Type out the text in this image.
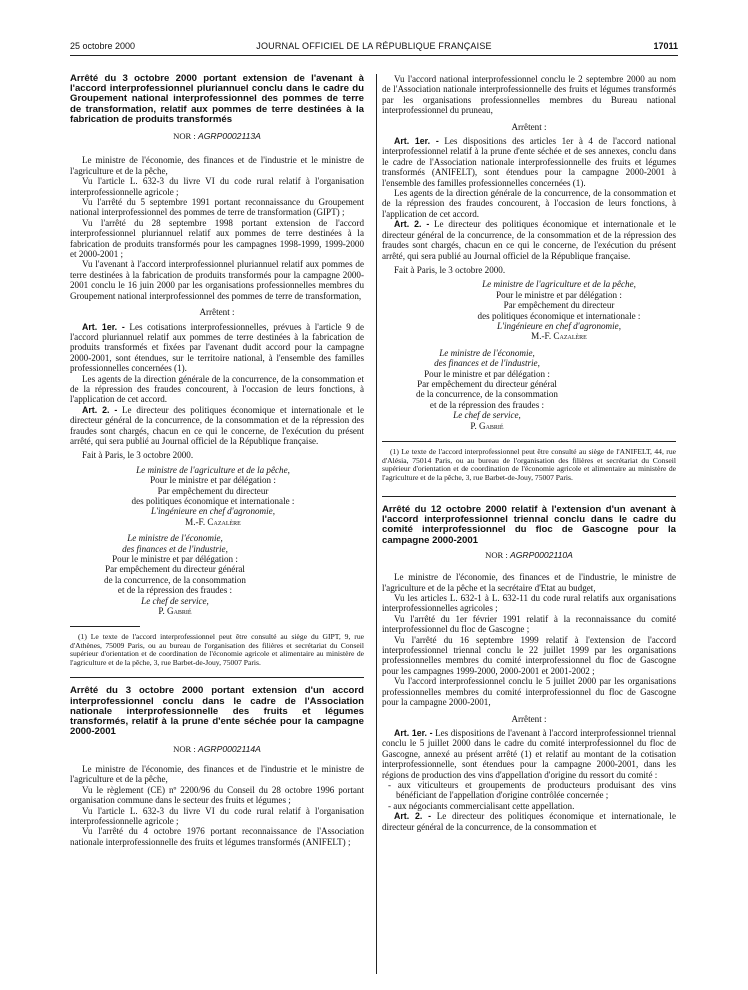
25 octobre 2000	JOURNAL OFFICIEL DE LA RÉPUBLIQUE FRANÇAISE	17011

Arrêté du 3 octobre 2000 portant extension de l'avenant à l'accord interprofessionnel pluriannuel conclu dans le cadre du Groupement national interprofessionnel des pommes de terre de transformation, relatif aux pommes de terre destinées à la fabrication de produits transformés

NOR : AGRP0002113A

Le ministre de l'économie, des finances et de l'industrie et le ministre de l'agriculture et de la pêche,

Vu l'article L. 632-3 du livre VI du code rural relatif à l'organisation interprofessionnelle agricole ;

Vu l'arrêté du 5 septembre 1991 portant reconnaissance du Groupement national interprofessionnel des pommes de terre de transformation (GIPT) ;

Vu l'arrêté du 28 septembre 1998 portant extension de l'accord interprofessionnel pluriannuel relatif aux pommes de terre destinées à la fabrication de produits transformés pour les campagnes 1998-1999, 1999-2000 et 2000-2001 ;

Vu l'avenant à l'accord interprofessionnel pluriannuel relatif aux pommes de terre destinées à la fabrication de produits transformés pour la campagne 2000-2001 conclu le 16 juin 2000 par les organisations professionnelles membres du Groupement national interprofessionnel des pommes de terre de transformation,

Arrêtent :

Art. 1er. - Les cotisations interprofessionnelles, prévues à l'article 9 de l'accord pluriannuel relatif aux pommes de terre destinées à la fabrication de produits transformés et fixées par l'avenant dudit accord pour la campagne 2000-2001, sont étendues, sur le territoire national, à l'ensemble des familles professionnelles concernées (1).

Les agents de la direction générale de la concurrence, de la consommation et de la répression des fraudes concourent, à l'occasion de leurs fonctions, à l'application de cet accord.

Art. 2. - Le directeur des politiques économique et internationale et le directeur général de la concurrence, de la consommation et de la répression des fraudes sont chargés, chacun en ce qui le concerne, de l'exécution du présent arrêté, qui sera publié au Journal officiel de la République française.

Fait à Paris, le 3 octobre 2000.

Le ministre de l'agriculture et de la pêche,
Pour le ministre et par délégation :
Par empêchement du directeur
des politiques économique et internationale :
L'ingénieure en chef d'agronomie,
M.-F. Cazalère
Le ministre de l'économie,
des finances et de l'industrie,
Pour le ministre et par délégation :
Par empêchement du directeur général
de la concurrence, de la consommation
et de la répression des fraudes :
Le chef de service,
P. Gabrié

(1) Le texte de l'accord interprofessionnel peut être consulté au siège du GIPT, 9, rue d'Athènes, 75009 Paris, ou au bureau de l'organisation des filières et secrétariat du Conseil supérieur d'orientation et de coordination de l'économie agricole et alimentaire au ministère de l'agriculture et de la pêche, 3, rue Barbet-de-Jouy, 75007 Paris.

Arrêté du 3 octobre 2000 portant extension d'un accord interprofessionnel conclu dans le cadre de l'Association nationale interprofessionnelle des fruits et légumes transformés, relatif à la prune d'ente séchée pour la campagne 2000-2001

NOR : AGRP0002114A

Le ministre de l'économie, des finances et de l'industrie et le ministre de l'agriculture et de la pêche,

Vu le règlement (CE) nº 2200/96 du Conseil du 28 octobre 1996 portant organisation commune dans le secteur des fruits et légumes ;

Vu l'article L. 632-3 du livre VI du code rural relatif à l'organisation interprofessionnelle agricole ;

Vu l'arrêté du 4 octobre 1976 portant reconnaissance de l'Association nationale interprofessionnelle des fruits et légumes transformés (ANIFELT) ;

Vu l'accord national interprofessionnel conclu le 2 septembre 2000 au nom de l'Association nationale interprofessionnelle des fruits et légumes transformés par les organisations professionnelles membres du Bureau national interprofessionnel du pruneau,

Arrêtent :

Art. 1er. - Les dispositions des articles 1er à 4 de l'accord national interprofessionnel relatif à la prune d'ente séchée et de ses annexes, conclu dans le cadre de l'Association nationale interprofessionnelle des fruits et légumes transformés (ANIFELT), sont étendues pour la campagne 2000-2001 à l'ensemble des familles professionnelles concernées (1).

Les agents de la direction générale de la concurrence, de la consommation et de la répression des fraudes concourent, à l'occasion de leurs fonctions, à l'application de cet accord.

Art. 2. - Le directeur des politiques économique et internationale et le directeur général de la concurrence, de la consommation et de la répression des fraudes sont chargés, chacun en ce qui le concerne, de l'exécution du présent arrêté, qui sera publié au Journal officiel de la République française.

Fait à Paris, le 3 octobre 2000.

Le ministre de l'agriculture et de la pêche,
Pour le ministre et par délégation :
Par empêchement du directeur
des politiques économique et internationale :
L'ingénieure en chef d'agronomie,
M.-F. Cazalère
Le ministre de l'économie,
des finances et de l'industrie,
Pour le ministre et par délégation :
Par empêchement du directeur général
de la concurrence, de la consommation
et de la répression des fraudes :
Le chef de service,
P. Gabrié

(1) Le texte de l'accord interprofessionnel peut être consulté au siège de l'ANIFELT, 44, rue d'Alésia, 75014 Paris, ou au bureau de l'organisation des filières et secrétariat du Conseil supérieur d'orientation et de coordination de l'économie agricole et alimentaire au ministère de l'agriculture et de la pêche, 3, rue Barbet-de-Jouy, 75007 Paris.

Arrêté du 12 octobre 2000 relatif à l'extension d'un avenant à l'accord interprofessionnel triennal conclu dans le cadre du comité interprofessionnel du floc de Gascogne pour la campagne 2000-2001

NOR : AGRP0002110A

Le ministre de l'économie, des finances et de l'industrie, le ministre de l'agriculture et de la pêche et la secrétaire d'Etat au budget,

Vu les articles L. 632-1 à L. 632-11 du code rural relatifs aux organisations interprofessionnelles agricoles ;

Vu l'arrêté du 1er février 1991 relatif à la reconnaissance du comité interprofessionnel du floc de Gascogne ;

Vu l'arrêté du 16 septembre 1999 relatif à l'extension de l'accord interprofessionnel triennal conclu le 22 juillet 1999 par les organisations professionnelles membres du comité interprofessionnel du floc de Gascogne pour les campagnes 1999-2000, 2000-2001 et 2001-2002 ;

Vu l'accord interprofessionnel conclu le 5 juillet 2000 par les organisations professionnelles membres du comité interprofessionnel du floc de Gascogne pour la campagne 2000-2001,

Arrêtent :

Art. 1er. - Les dispositions de l'avenant à l'accord interprofessionnel triennal conclu le 5 juillet 2000 dans le cadre du comité interprofessionnel du floc de Gascogne, annexé au présent arrêté (1) et relatif au montant de la cotisation interprofessionnelle, sont étendues pour la campagne 2000-2001, dans les régions de production des vins d'appellation d'origine du ressort du comité :

- aux viticulteurs et groupements de producteurs produisant des vins bénéficiant de l'appellation d'origine contrôlée concernée ;
- aux négociants commercialisant cette appellation.

Art. 2. - Le directeur des politiques économique et internationale, le directeur général de la concurrence, de la consommation et
